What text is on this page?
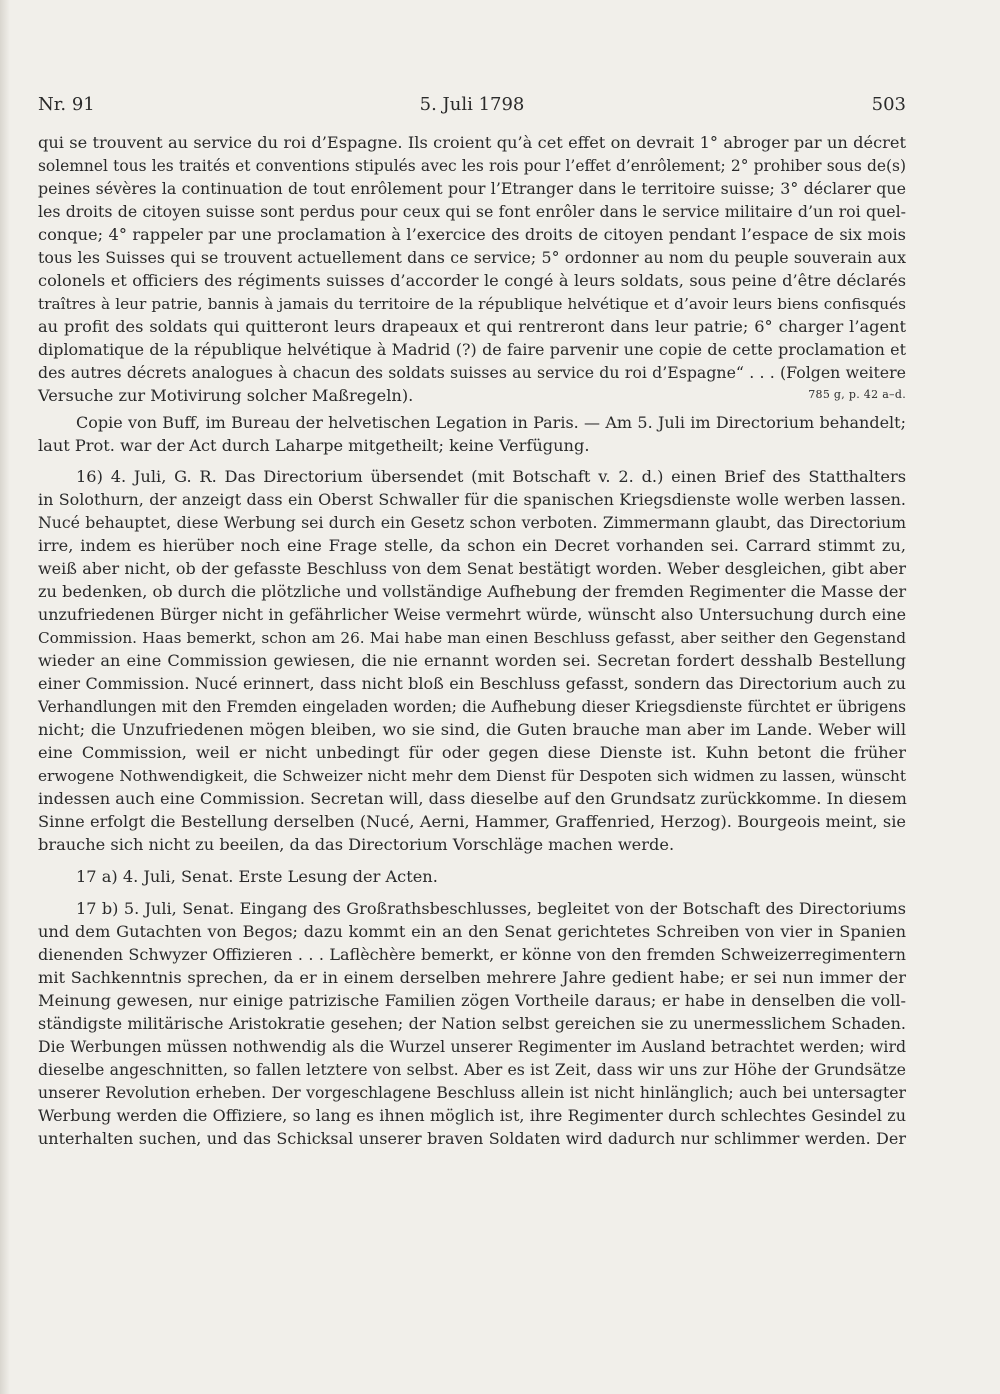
Nr. 91	5. Juli 1798	503
qui se trouvent au service du roi d’Espagne. Ils croient qu’à cet effet on devrait 1° abroger par un décret
solemnel tous les traités et conventions stipulés avec les rois pour l’effet d’enrôlement; 2° prohiber sous de(s)
peines sévères la continuation de tout enrôlement pour l’Etranger dans le territoire suisse; 3° déclarer que
les droits de citoyen suisse sont perdus pour ceux qui se font enrôler dans le service militaire d’un roi quel-
conque; 4° rappeler par une proclamation à l’exercice des droits de citoyen pendant l’espace de six mois
tous les Suisses qui se trouvent actuellement dans ce service; 5° ordonner au nom du peuple souverain aux
colonels et officiers des régiments suisses d’accorder le congé à leurs soldats, sous peine d’être déclarés
traîtres à leur patrie, bannis à jamais du territoire de la république helvétique et d’avoir leurs biens confisqués
au profit des soldats qui quitteront leurs drapeaux et qui rentreront dans leur patrie; 6° charger l’agent
diplomatique de la république helvétique à Madrid (?) de faire parvenir une copie de cette proclamation et
des autres décrets analogues à chacun des soldats suisses au service du roi d’Espagne“ . . . (Folgen weitere
Versuche zur Motivirung solcher Maßregeln).	785 g, p. 42 a–d.
Copie von Buff, im Bureau der helvetischen Legation in Paris. — Am 5. Juli im Directorium behandelt;
laut Prot. war der Act durch Laharpe mitgetheilt; keine Verfügung.
16) 4. Juli, G. R. Das Directorium übersendet (mit Botschaft v. 2. d.) einen Brief des Statthalters
in Solothurn, der anzeigt dass ein Oberst Schwaller für die spanischen Kriegsdienste wolle werben lassen.
Nucé behauptet, diese Werbung sei durch ein Gesetz schon verboten. Zimmermann glaubt, das Directorium
irre, indem es hierüber noch eine Frage stelle, da schon ein Decret vorhanden sei. Carrard stimmt zu,
weiß aber nicht, ob der gefasste Beschluss von dem Senat bestätigt worden. Weber desgleichen, gibt aber
zu bedenken, ob durch die plötzliche und vollständige Aufhebung der fremden Regimenter die Masse der
unzufriedenen Bürger nicht in gefährlicher Weise vermehrt würde, wünscht also Untersuchung durch eine
Commission. Haas bemerkt, schon am 26. Mai habe man einen Beschluss gefasst, aber seither den Gegenstand
wieder an eine Commission gewiesen, die nie ernannt worden sei. Secretan fordert desshalb Bestellung
einer Commission. Nucé erinnert, dass nicht bloß ein Beschluss gefasst, sondern das Directorium auch zu
Verhandlungen mit den Fremden eingeladen worden; die Aufhebung dieser Kriegsdienste fürchtet er übrigens
nicht; die Unzufriedenen mögen bleiben, wo sie sind, die Guten brauche man aber im Lande. Weber will
eine Commission, weil er nicht unbedingt für oder gegen diese Dienste ist. Kuhn betont die früher
erwogene Nothwendigkeit, die Schweizer nicht mehr dem Dienst für Despoten sich widmen zu lassen, wünscht
indessen auch eine Commission. Secretan will, dass dieselbe auf den Grundsatz zurückkomme. In diesem
Sinne erfolgt die Bestellung derselben (Nucé, Aerni, Hammer, Graffenried, Herzog). Bourgeois meint, sie
brauche sich nicht zu beeilen, da das Directorium Vorschläge machen werde.
17 a) 4. Juli, Senat. Erste Lesung der Acten.
17 b) 5. Juli, Senat. Eingang des Großrathsbeschlusses, begleitet von der Botschaft des Directoriums
und dem Gutachten von Begos; dazu kommt ein an den Senat gerichtetes Schreiben von vier in Spanien
dienenden Schwyzer Offizieren . . . Laflèchère bemerkt, er könne von den fremden Schweizerregimentern
mit Sachkenntnis sprechen, da er in einem derselben mehrere Jahre gedient habe; er sei nun immer der
Meinung gewesen, nur einige patrizische Familien zögen Vortheile daraus; er habe in denselben die voll-
ständigste militärische Aristokratie gesehen; der Nation selbst gereichen sie zu unermesslichem Schaden.
Die Werbungen müssen nothwendig als die Wurzel unserer Regimenter im Ausland betrachtet werden; wird
dieselbe angeschnitten, so fallen letztere von selbst. Aber es ist Zeit, dass wir uns zur Höhe der Grundsätze
unserer Revolution erheben. Der vorgeschlagene Beschluss allein ist nicht hinlänglich; auch bei untersagter
Werbung werden die Offiziere, so lang es ihnen möglich ist, ihre Regimenter durch schlechtes Gesindel zu
unterhalten suchen, und das Schicksal unserer braven Soldaten wird dadurch nur schlimmer werden. Der
